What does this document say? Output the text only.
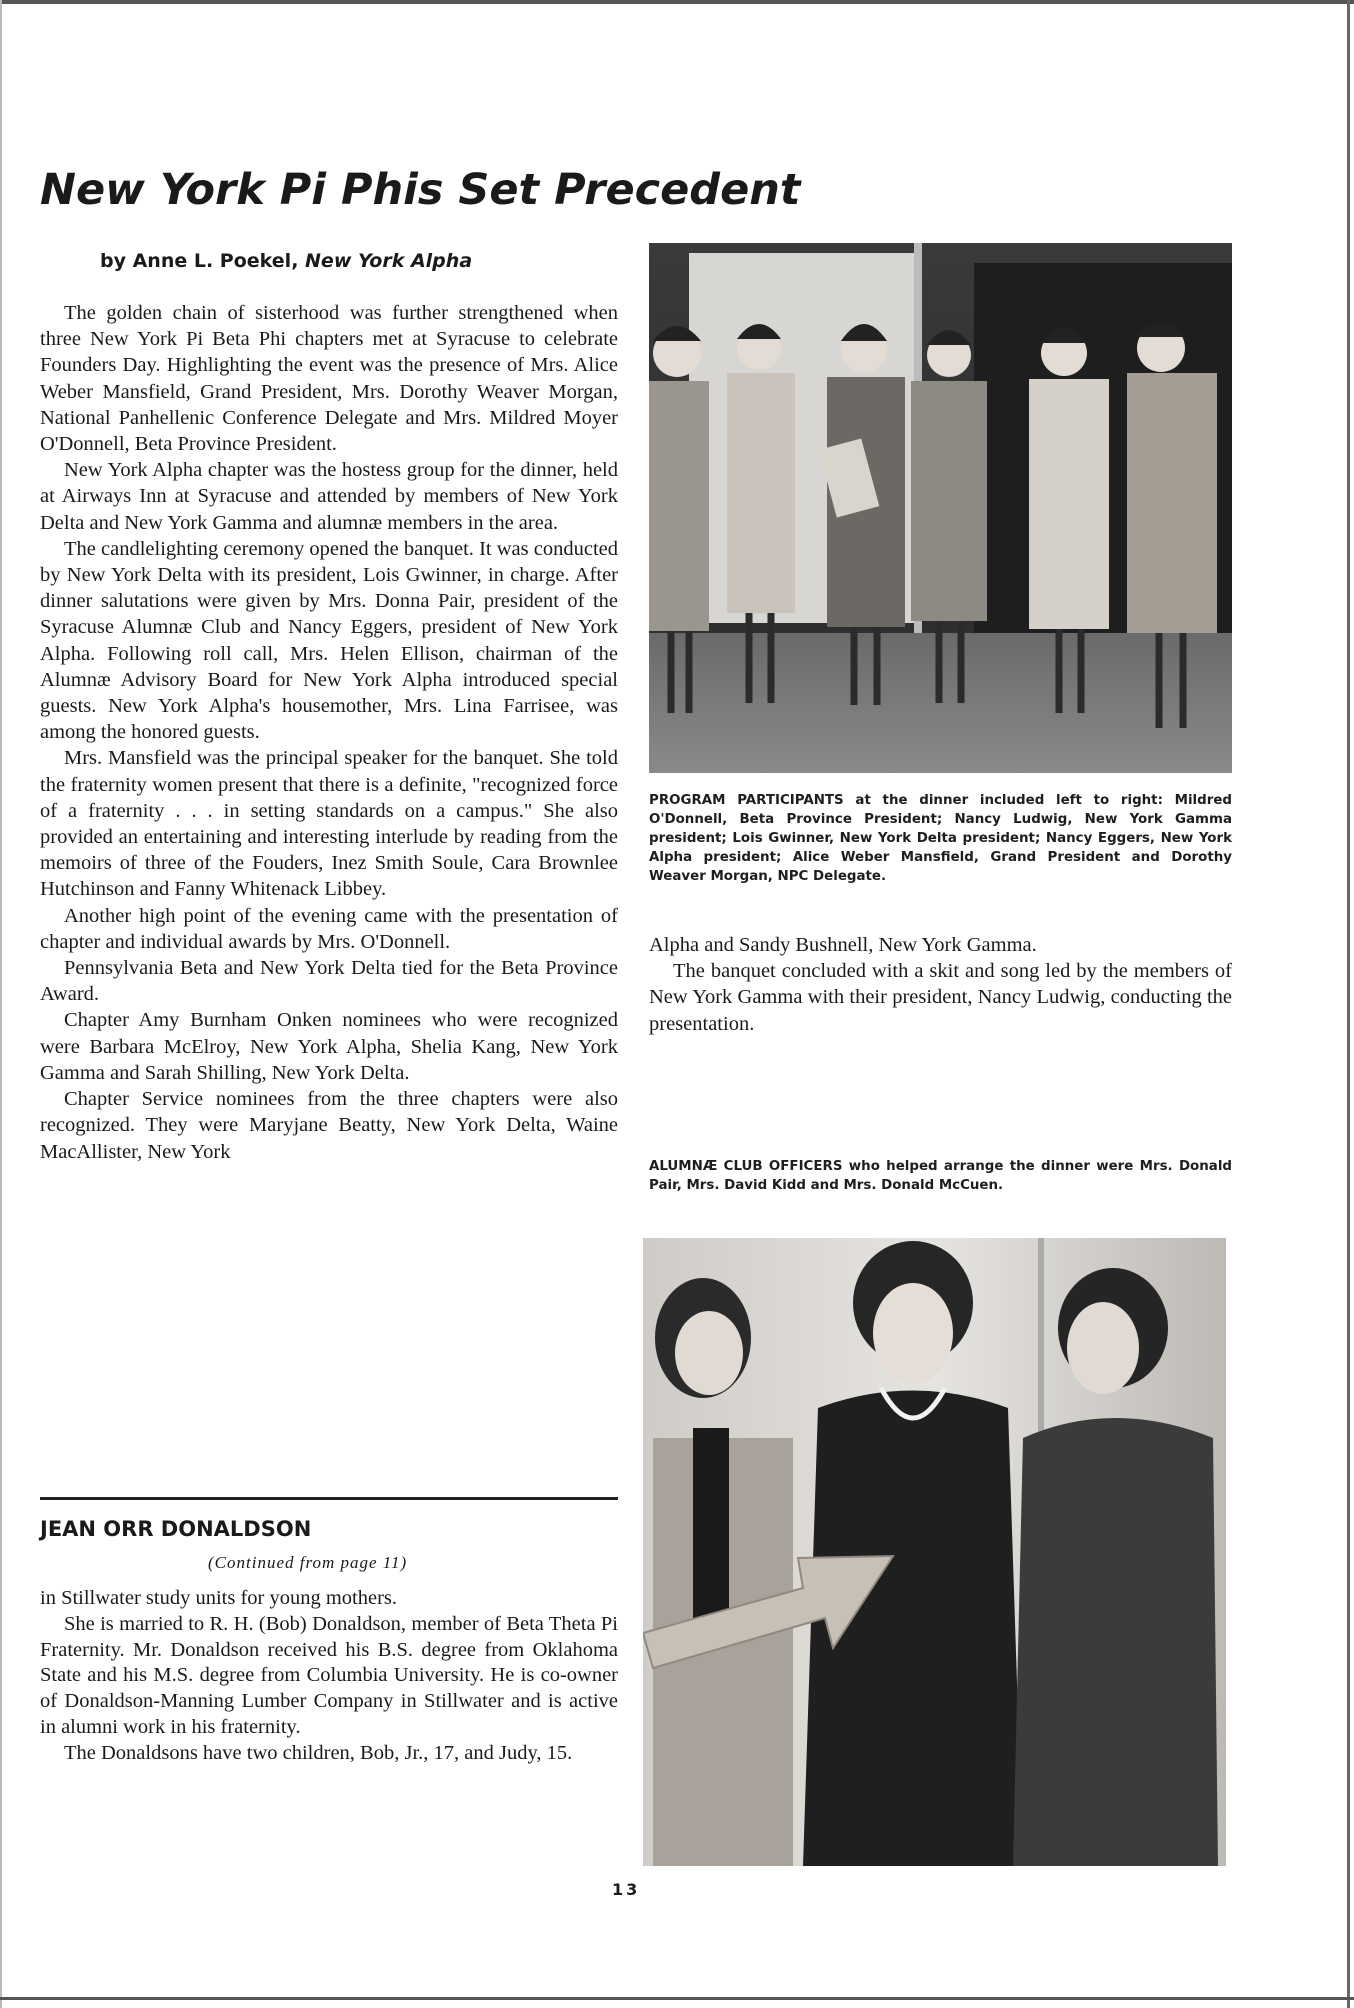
New York Pi Phis Set Precedent

by Anne L. Poekel, New York Alpha

The golden chain of sisterhood was further strengthened when three New York Pi Beta Phi chapters met at Syracuse to celebrate Founders Day. Highlighting the event was the presence of Mrs. Alice Weber Mansfield, Grand President, Mrs. Dorothy Weaver Morgan, National Panhellenic Conference Delegate and Mrs. Mildred Moyer O'Donnell, Beta Province President.

New York Alpha chapter was the hostess group for the dinner, held at Airways Inn at Syracuse and attended by members of New York Delta and New York Gamma and alumnæ members in the area.

The candlelighting ceremony opened the banquet. It was conducted by New York Delta with its president, Lois Gwinner, in charge. After dinner salutations were given by Mrs. Donna Pair, president of the Syracuse Alumnæ Club and Nancy Eggers, president of New York Alpha. Following roll call, Mrs. Helen Ellison, chairman of the Alumnæ Advisory Board for New York Alpha introduced special guests. New York Alpha's housemother, Mrs. Lina Farrisee, was among the honored guests.

Mrs. Mansfield was the principal speaker for the banquet. She told the fraternity women present that there is a definite, "recognized force of a fraternity . . . in setting standards on a campus." She also provided an entertaining and interesting interlude by reading from the memoirs of three of the Fouders, Inez Smith Soule, Cara Brownlee Hutchinson and Fanny Whitenack Libbey.

Another high point of the evening came with the presentation of chapter and individual awards by Mrs. O'Donnell.

Pennsylvania Beta and New York Delta tied for the Beta Province Award.

Chapter Amy Burnham Onken nominees who were recognized were Barbara McElroy, New York Alpha, Shelia Kang, New York Gamma and Sarah Shilling, New York Delta.

Chapter Service nominees from the three chapters were also recognized. They were Maryjane Beatty, New York Delta, Waine MacAllister, New York

JEAN ORR DONALDSON

(Continued from page 11)

in Stillwater study units for young mothers.

She is married to R. H. (Bob) Donaldson, member of Beta Theta Pi Fraternity. Mr. Donaldson received his B.S. degree from Oklahoma State and his M.S. degree from Columbia University. He is co-owner of Donaldson-Manning Lumber Company in Stillwater and is active in alumni work in his fraternity.

The Donaldsons have two children, Bob, Jr., 17, and Judy, 15.

PROGRAM PARTICIPANTS at the dinner included left to right: Mildred O'Donnell, Beta Province President; Nancy Ludwig, New York Gamma president; Lois Gwinner, New York Delta president; Nancy Eggers, New York Alpha president; Alice Weber Mansfield, Grand President and Dorothy Weaver Morgan, NPC Delegate.

Alpha and Sandy Bushnell, New York Gamma.

The banquet concluded with a skit and song led by the members of New York Gamma with their president, Nancy Ludwig, conducting the presentation.

ALUMNÆ CLUB OFFICERS who helped arrange the dinner were Mrs. Donald Pair, Mrs. David Kidd and Mrs. Donald McCuen.

13
